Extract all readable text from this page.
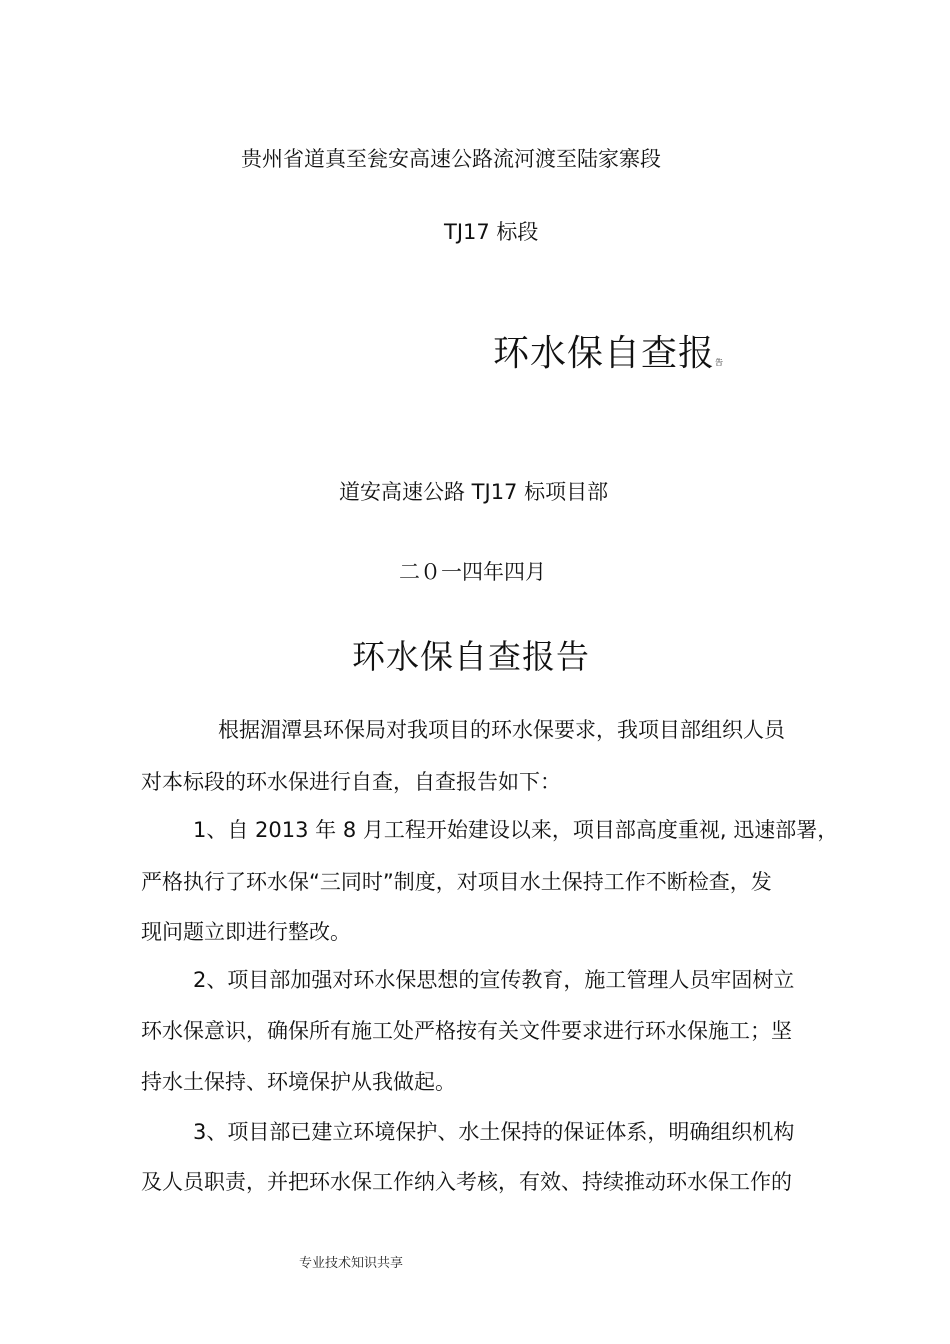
贵州省道真至瓮安高速公路流河渡至陆家寨段
TJ17 标段
环水保自查报告
道安高速公路 TJ17 标项目部
二０一四年四月
环水保自查报告
根据湄潭县环保局对我项目的环水保要求，我项目部组织人员
对本标段的环水保进行自查，自查报告如下：
1、自 2013 年 8 月工程开始建设以来，项目部高度重视, 迅速部署，
严格执行了环水保“三同时”制度，对项目水土保持工作不断检查，发
现问题立即进行整改。
2、项目部加强对环水保思想的宣传教育，施工管理人员牢固树立
环水保意识，确保所有施工处严格按有关文件要求进行环水保施工；坚
持水土保持、环境保护从我做起。
3、项目部已建立环境保护、水土保持的保证体系，明确组织机构
及人员职责，并把环水保工作纳入考核，有效、持续推动环水保工作的
专业技术知识共享
